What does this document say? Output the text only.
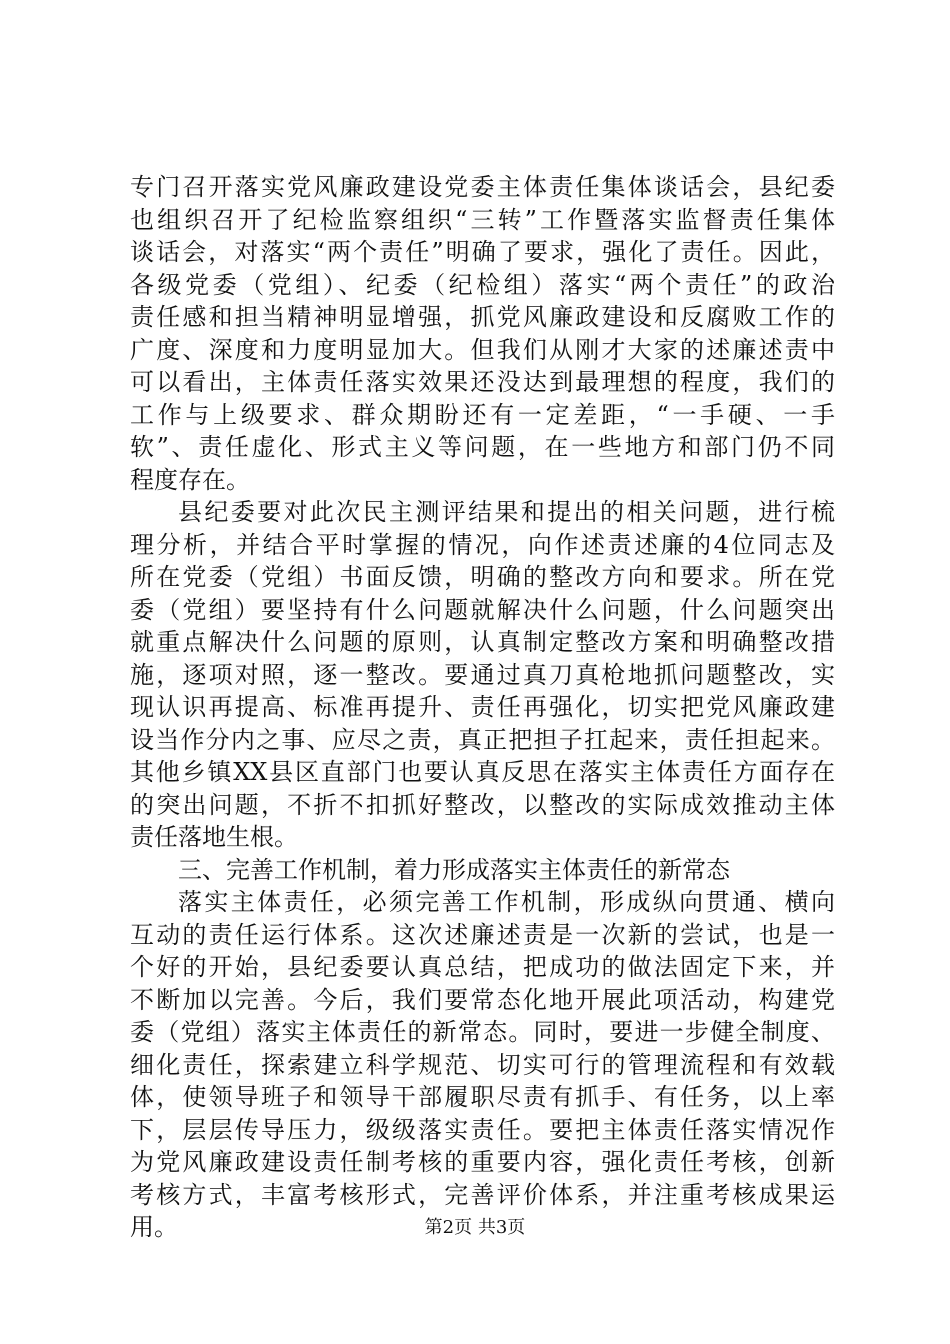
专门召开落实党风廉政建设党委主体责任集体谈话会，县纪委
也组织召开了纪检监察组织“三转”工作暨落实监督责任集体
谈话会，对落实“两个责任”明确了要求，强化了责任。因此，
各级党委（党组）、纪委（纪检组）落实“两个责任”的政治
责任感和担当精神明显增强，抓党风廉政建设和反腐败工作的
广度、深度和力度明显加大。但我们从刚才大家的述廉述责中
可以看出，主体责任落实效果还没达到最理想的程度，我们的
工作与上级要求、群众期盼还有一定差距，“一手硬、一手
软”、责任虚化、形式主义等问题，在一些地方和部门仍不同
程度存在。
县纪委要对此次民主测评结果和提出的相关问题，进行梳
理分析，并结合平时掌握的情况，向作述责述廉的4位同志及
所在党委（党组）书面反馈，明确的整改方向和要求。所在党
委（党组）要坚持有什么问题就解决什么问题，什么问题突出
就重点解决什么问题的原则，认真制定整改方案和明确整改措
施，逐项对照，逐一整改。要通过真刀真枪地抓问题整改，实
现认识再提高、标准再提升、责任再强化，切实把党风廉政建
设当作分内之事、应尽之责，真正把担子扛起来，责任担起来。
其他乡镇XX县区直部门也要认真反思在落实主体责任方面存在
的突出问题，不折不扣抓好整改，以整改的实际成效推动主体
责任落地生根。
三、完善工作机制，着力形成落实主体责任的新常态
落实主体责任，必须完善工作机制，形成纵向贯通、横向
互动的责任运行体系。这次述廉述责是一次新的尝试，也是一
个好的开始，县纪委要认真总结，把成功的做法固定下来，并
不断加以完善。今后，我们要常态化地开展此项活动，构建党
委（党组）落实主体责任的新常态。同时，要进一步健全制度、
细化责任，探索建立科学规范、切实可行的管理流程和有效载
体，使领导班子和领导干部履职尽责有抓手、有任务，以上率
下，层层传导压力，级级落实责任。要把主体责任落实情况作
为党风廉政建设责任制考核的重要内容，强化责任考核，创新
考核方式，丰富考核形式，完善评价体系，并注重考核成果运
用。	第2页 共3页
